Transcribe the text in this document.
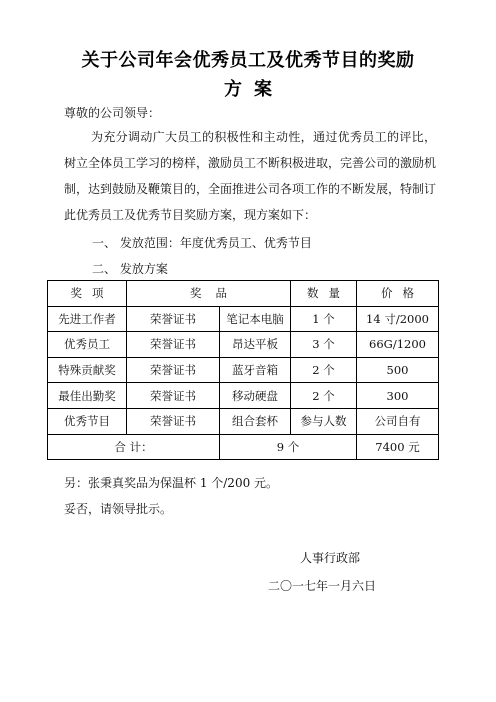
关于公司年会优秀员工及优秀节目的奖励
方案
尊敬的公司领导：

为充分调动广大员工的积极性和主动性，通过优秀员工的评比，树立全体员工学习的榜样，激励员工不断积极进取，完善公司的激励机制，达到鼓励及鞭策目的，全面推进公司各项工作的不断发展，特制订此优秀员工及优秀节目奖励方案，现方案如下：

一、 发放范围：年度优秀员工、优秀节目
二、 发放方案
奖项	奖品		数量	价格
先进工作者	荣誉证书	笔记本电脑	1 个	14 寸/2000
优秀员工	荣誉证书	昂达平板	3 个	66G/1200
特殊贡献奖	荣誉证书	蓝牙音箱	2 个	500
最佳出勤奖	荣誉证书	移动硬盘	2 个	300
优秀节目	荣誉证书	组合套杯	参与人数	公司自有
合 计：		9 个		7400 元
另：张秉真奖品为保温杯 1 个/200 元。
妥否，请领导批示。
人事行政部
二〇一七年一月六日
